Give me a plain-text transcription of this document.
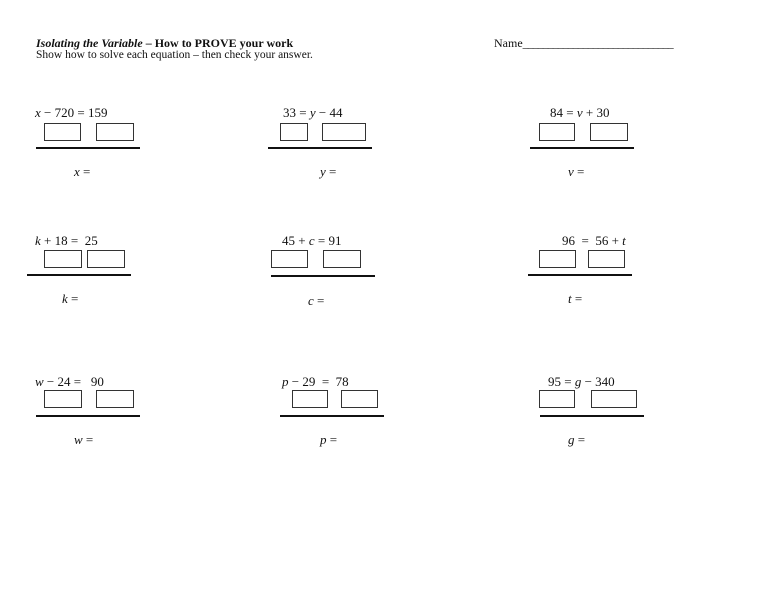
Isolating the Variable – How to PROVE your work
Show how to solve each equation – then check your answer.
Name______________________________
x − 720 = 159
x =
33 = y − 44
y =
84 = v + 30
v =
k + 18 =  25
k =
45 + c = 91
c =
96  =  56 + t
t =
w − 24 =   90
w =
p − 29  =  78
p =
95 = g − 340
g =
